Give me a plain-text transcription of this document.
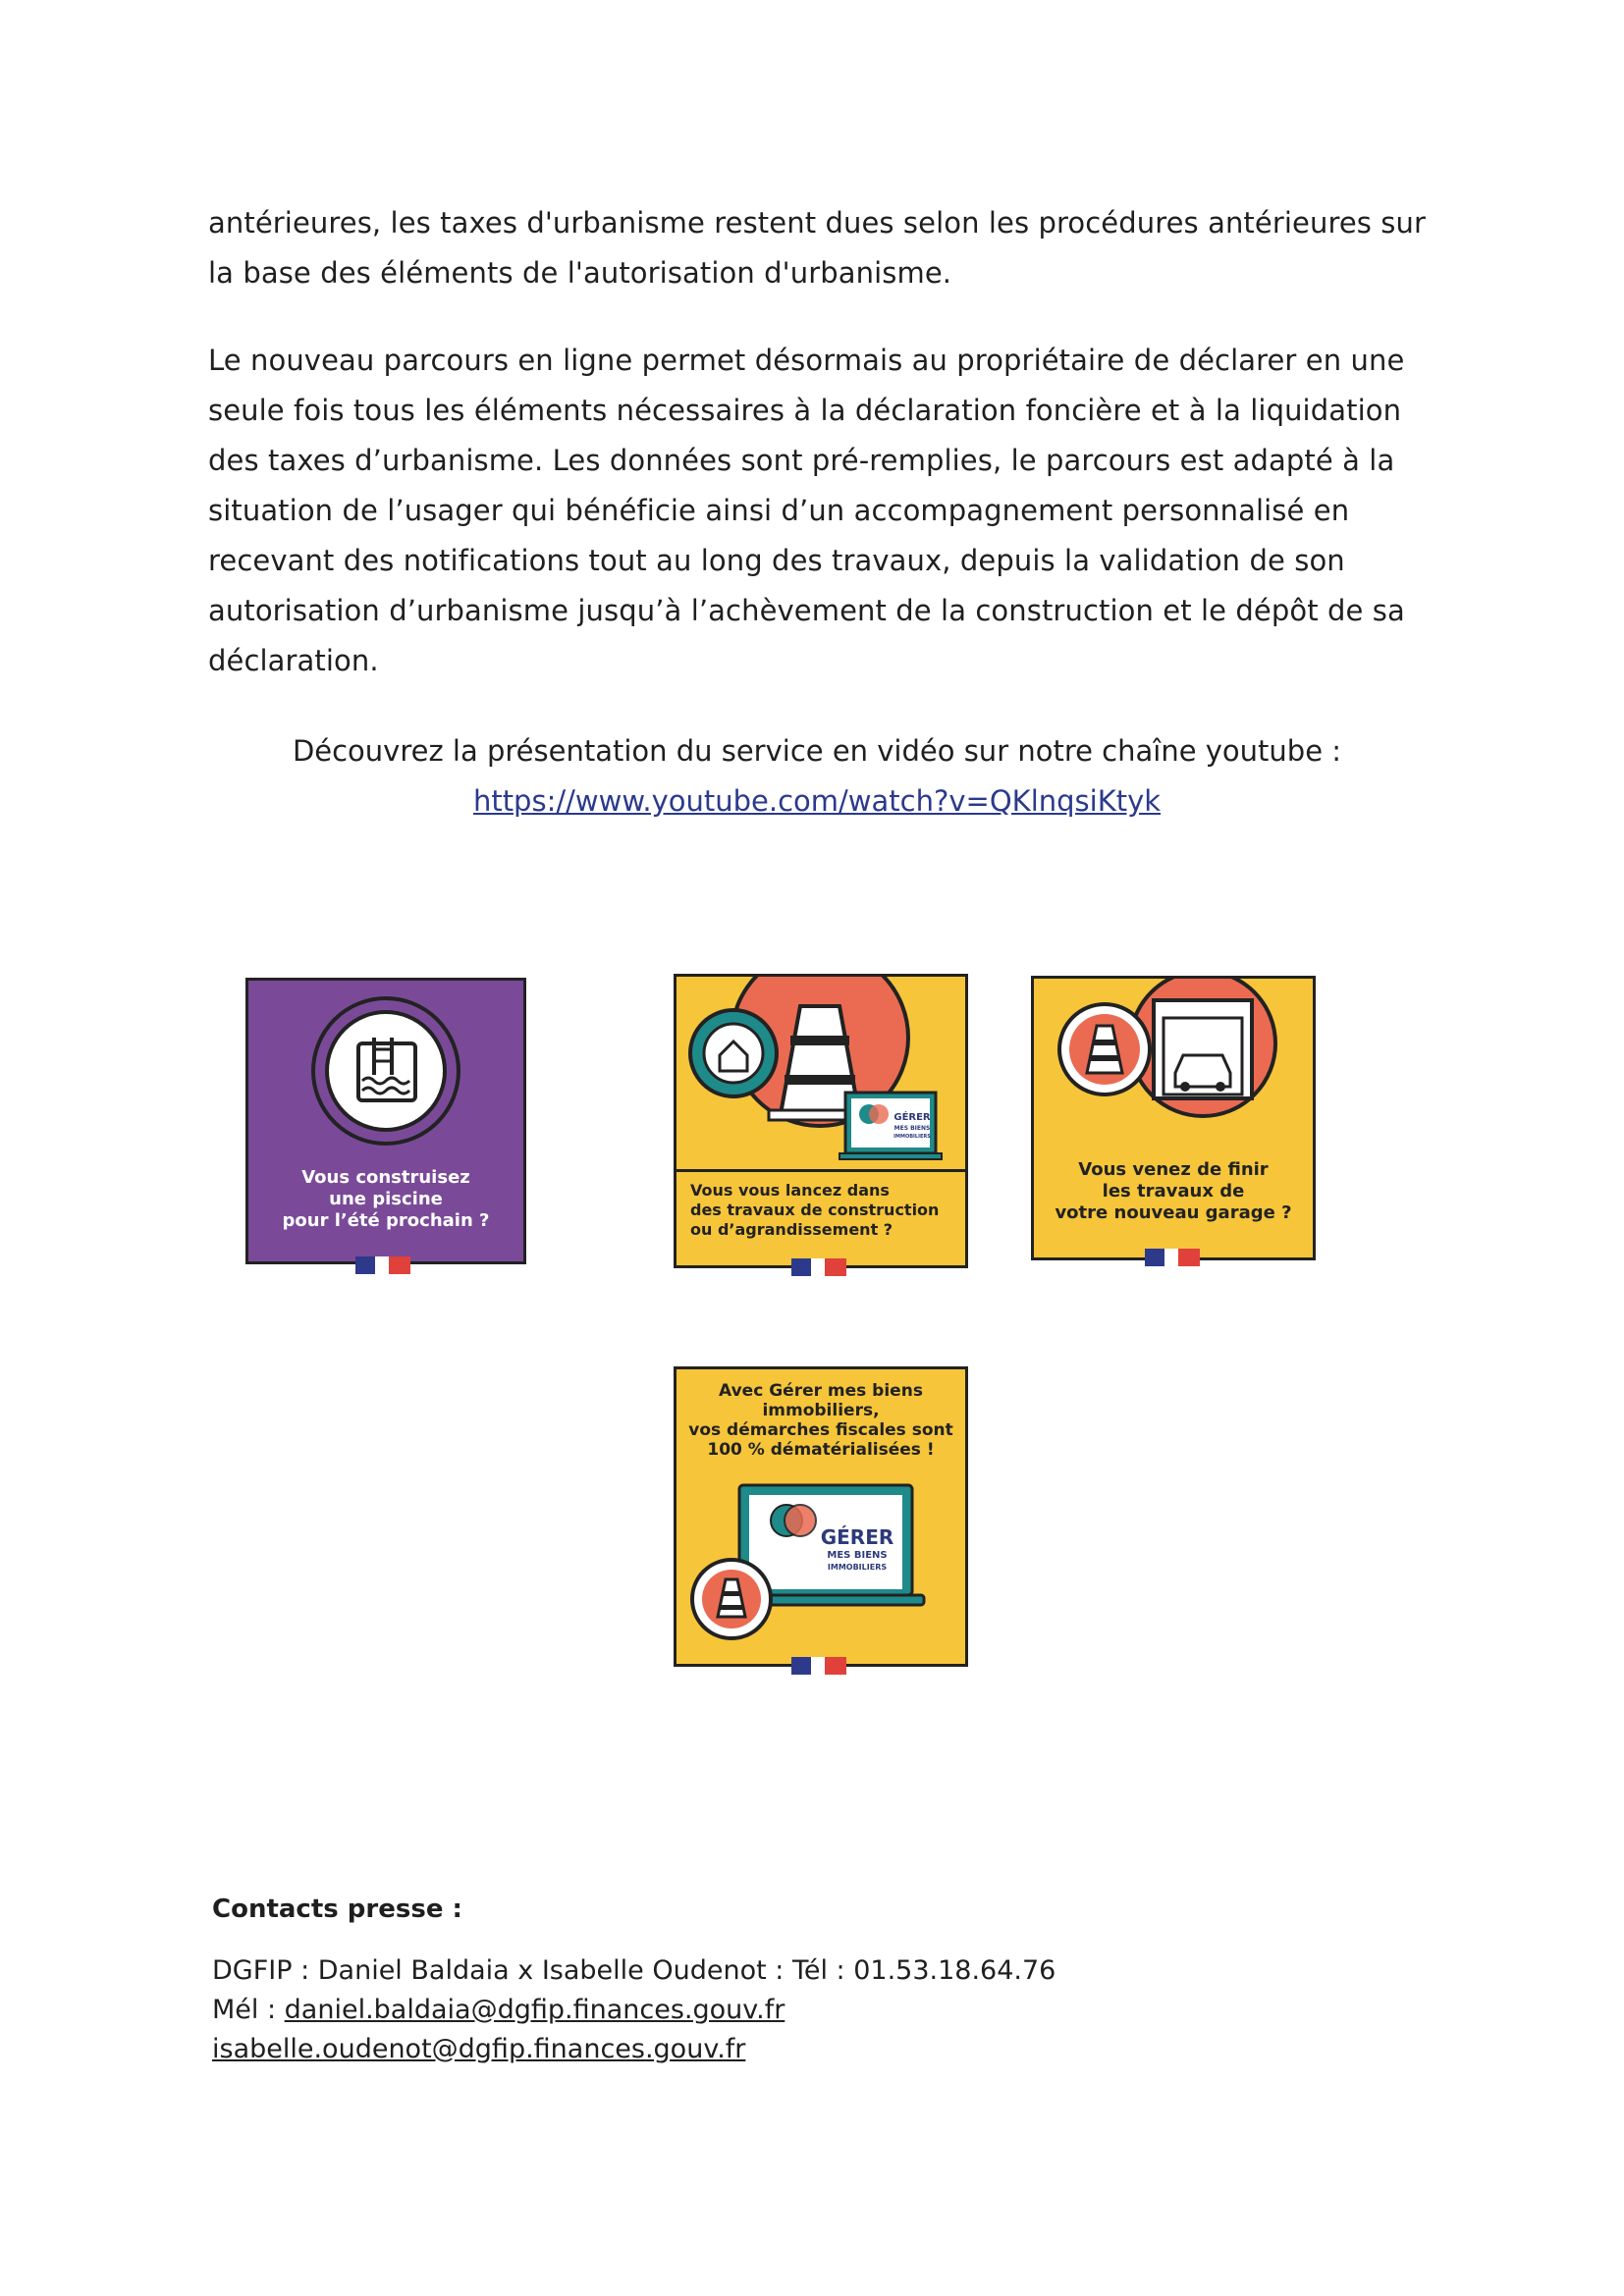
antérieures, les taxes d'urbanisme restent dues selon les procédures antérieures sur la base des éléments de l'autorisation d'urbanisme.

Le nouveau parcours en ligne permet désormais au propriétaire de déclarer en une seule fois tous les éléments nécessaires à la déclaration foncière et à la liquidation des taxes d’urbanisme. Les données sont pré-remplies, le parcours est adapté à la situation de l’usager qui bénéficie ainsi d’un accompagnement personnalisé en recevant des notifications tout au long des travaux, depuis la validation de son autorisation d’urbanisme jusqu’à l’achèvement de la construction et le dépôt de sa déclaration.

Découvrez la présentation du service en vidéo sur notre chaîne youtube :
https://www.youtube.com/watch?v=QKlnqsiKtyk

Vous construisez
une piscine
pour l’été prochain ?
GÉRER
MES BIENS
IMMOBILIERS
Vous vous lancez dans
des travaux de construction
ou d’agrandissement ?
Vous venez de finir
les travaux de
votre nouveau garage ?
Avec Gérer mes biens
immobiliers,
vos démarches fiscales sont
100 % dématérialisées !
GÉRER
MES BIENS
IMMOBILIERS

Contacts presse :

DGFIP : Daniel Baldaia x Isabelle Oudenot : Tél : 01.53.18.64.76

Mél : daniel.baldaia@dgfip.finances.gouv.fr

isabelle.oudenot@dgfip.finances.gouv.fr
